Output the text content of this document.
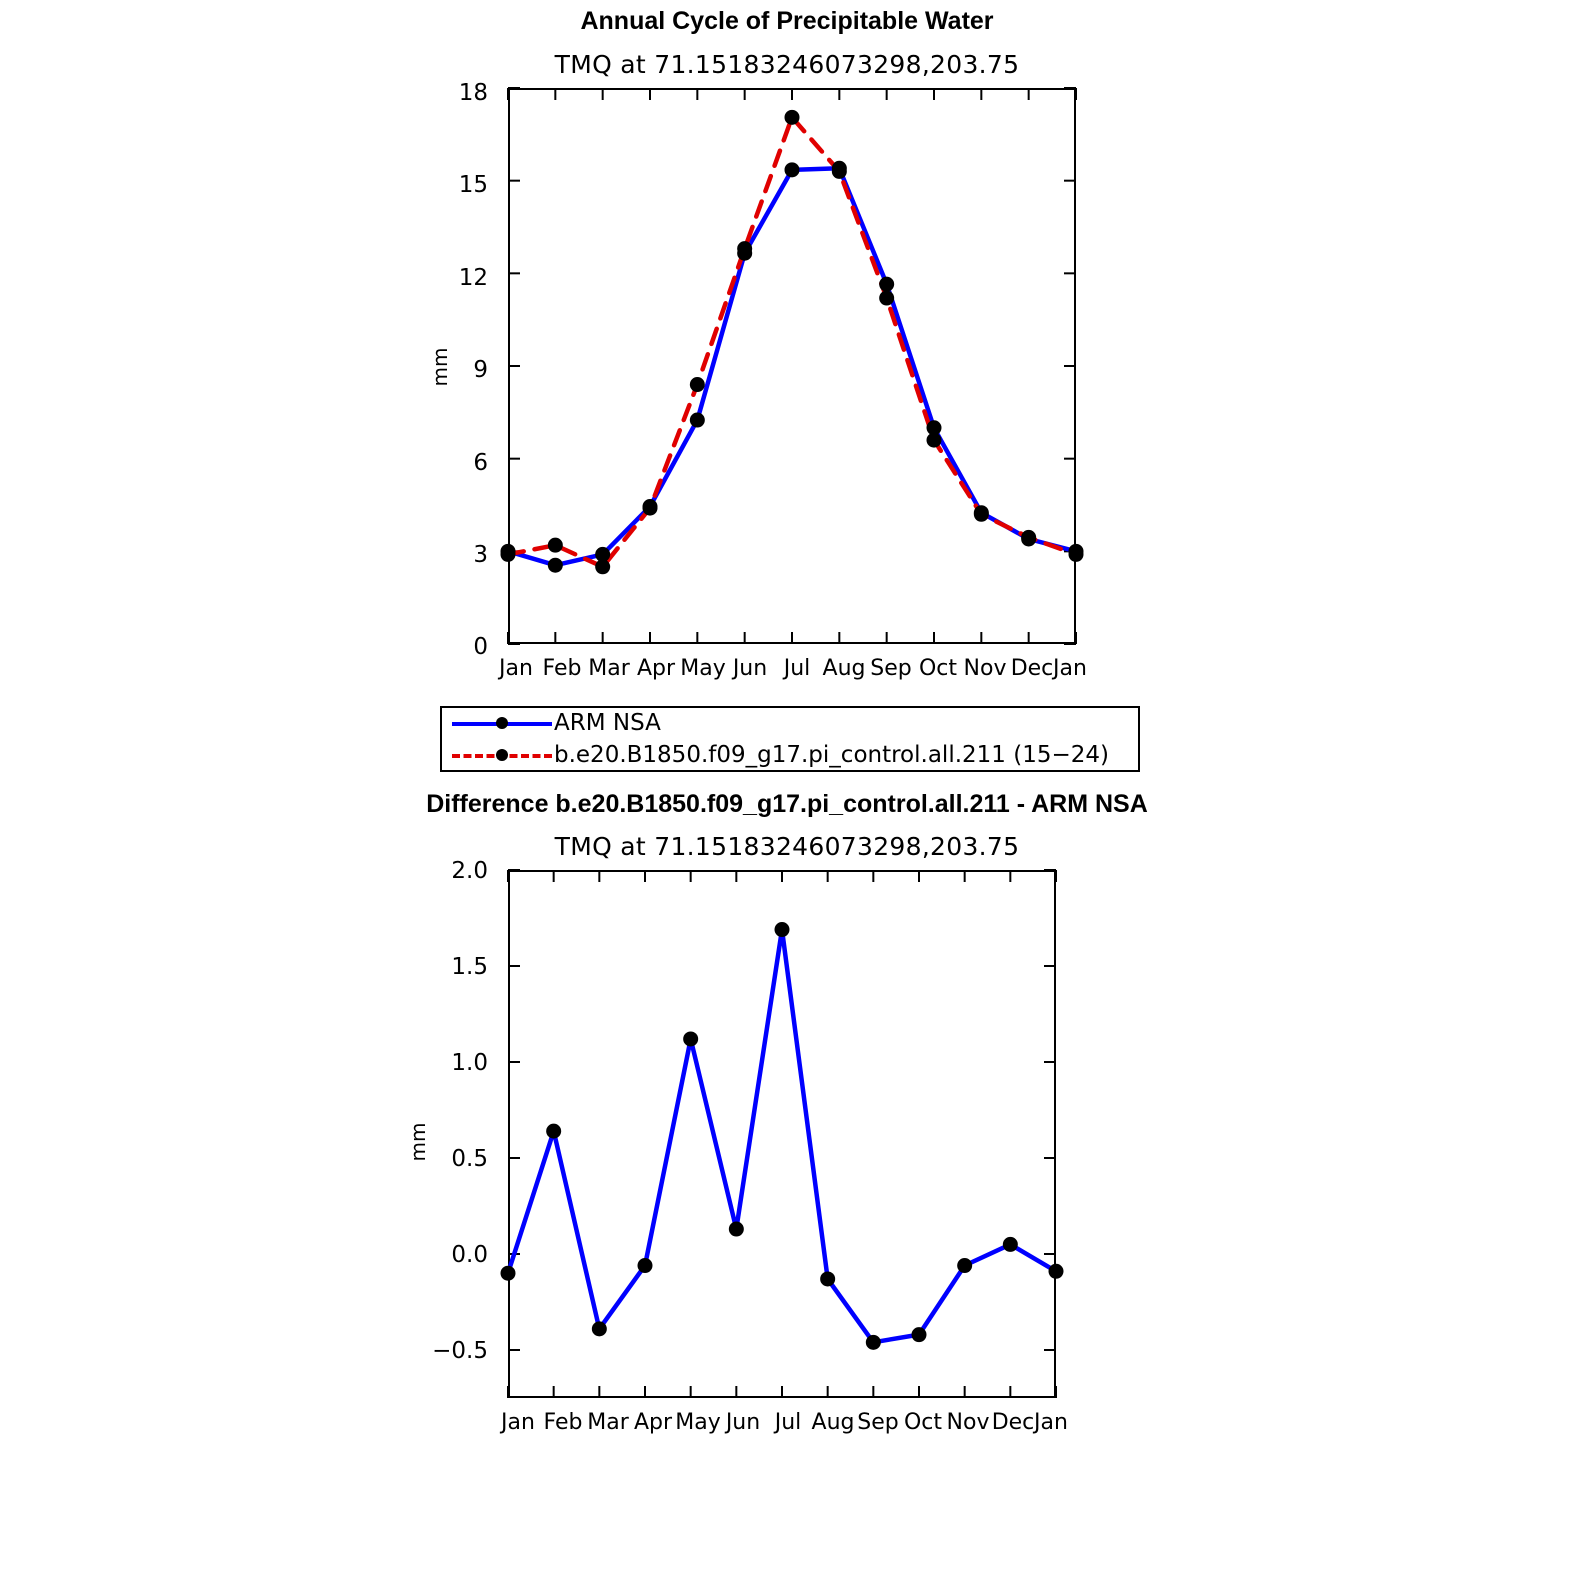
Annual Cycle of Precipitable Water
TMQ at 71.15183246073298,203.75
mm
18
15
12
9
6
3
0
Jan Feb Mar Apr May Jun Jul Aug Sep Oct Nov Dec Jan
ARM NSA
b.e20.B1850.f09_g17.pi_control.all.211 (15−24)
Difference b.e20.B1850.f09_g17.pi_control.all.211 - ARM NSA
TMQ at 71.15183246073298,203.75
mm
2.0
1.5
1.0
0.5
0.0
−0.5
Jan Feb Mar Apr May Jun Jul Aug Sep Oct Nov Dec Jan
